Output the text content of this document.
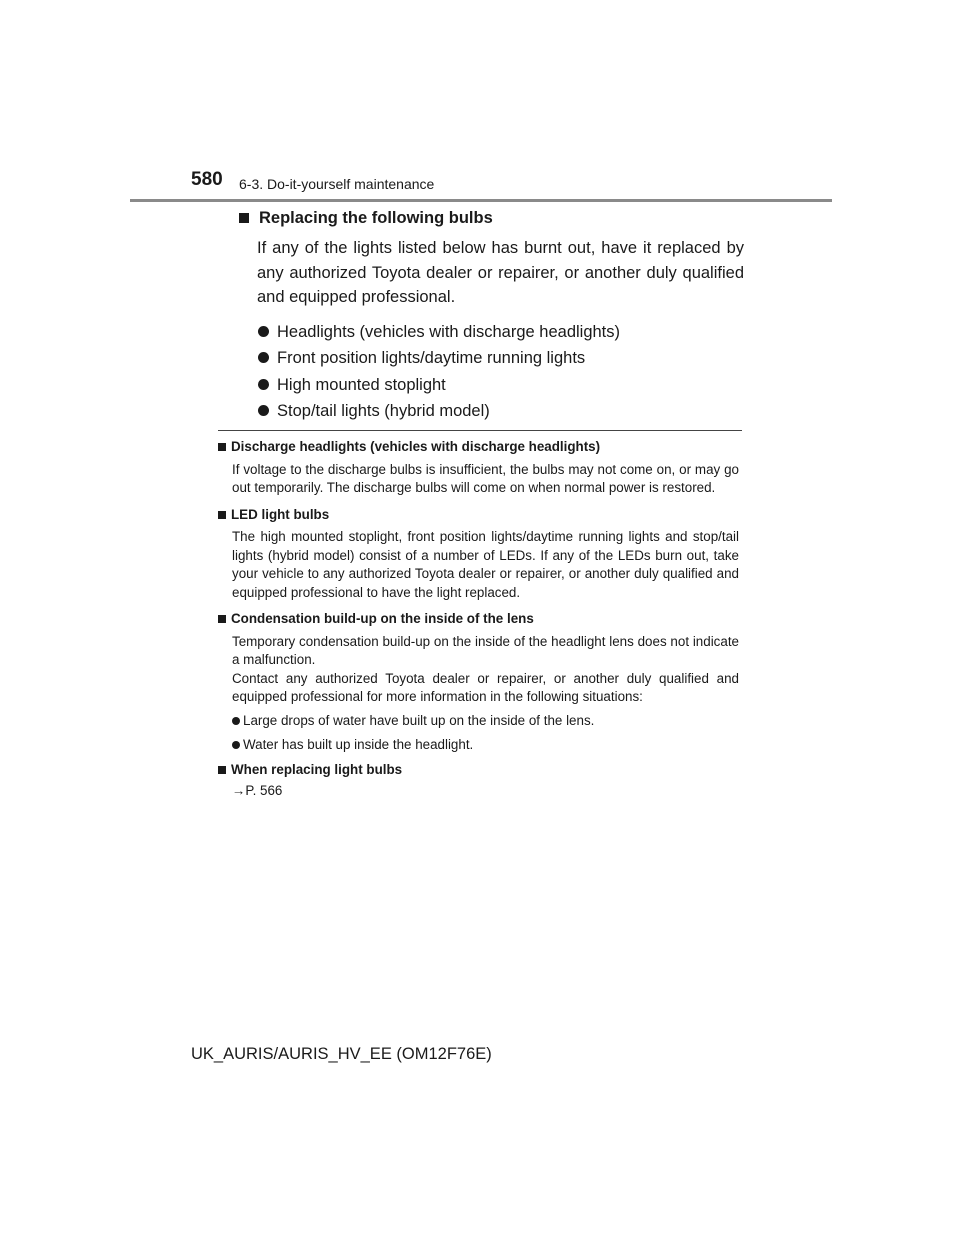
580 6-3. Do-it-yourself maintenance
Replacing the following bulbs

If any of the lights listed below has burnt out, have it replaced by any authorized Toyota dealer or repairer, or another duly qualified and equipped professional.

Headlights (vehicles with discharge headlights)
Front position lights/daytime running lights
High mounted stoplight
Stop/tail lights (hybrid model)
Discharge headlights (vehicles with discharge headlights)

If voltage to the discharge bulbs is insufficient, the bulbs may not come on, or may go out temporarily. The discharge bulbs will come on when normal power is restored.

LED light bulbs

The high mounted stoplight, front position lights/daytime running lights and stop/tail lights (hybrid model) consist of a number of LEDs. If any of the LEDs burn out, take your vehicle to any authorized Toyota dealer or repairer, or another duly qualified and equipped professional to have the light replaced.

Condensation build-up on the inside of the lens

Temporary condensation build-up on the inside of the headlight lens does not indicate a malfunction.

Contact any authorized Toyota dealer or repairer, or another duly qualified and equipped professional for more information in the following situations:

Large drops of water have built up on the inside of the lens.
Water has built up inside the headlight.
When replacing light bulbs
→P. 566
UK_AURIS/AURIS_HV_EE (OM12F76E)
